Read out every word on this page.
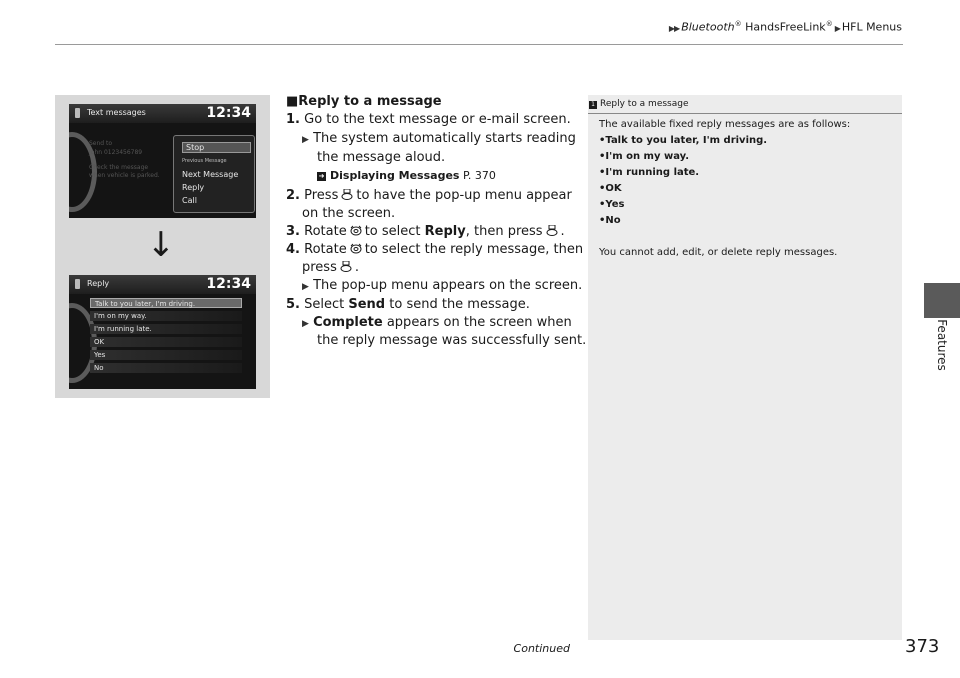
▶▶ Bluetooth® HandsFreeLink® ▶ HFL Menus
Features
Text messages	12:34
Send to
John 0123456789
Check the message
when vehicle is parked.
Stop
Previous Message
Next Message
Reply
Call
↓
Reply	12:34
Talk to you later, I'm driving.
I'm on my way.
I'm running late.
OK
Yes
No
■Reply to a message
1. Go to the text message or e-mail screen.
▶ The system automatically starts reading
the message aloud.
➜ Displaying Messages P. 370
2. Press to have the pop-up menu appear
on the screen.
3. Rotate to select Reply, then press .
4. Rotate to select the reply message, then
press .
▶ The pop-up menu appears on the screen.
5. Select Send to send the message.
▶ Complete appears on the screen when
the reply message was successfully sent.
1 Reply to a message
The available fixed reply messages are as follows:
•Talk to you later, I'm driving.
•I'm on my way.
•I'm running late.
•OK
•Yes
•No
You cannot add, edit, or delete reply messages.
Continued	373
